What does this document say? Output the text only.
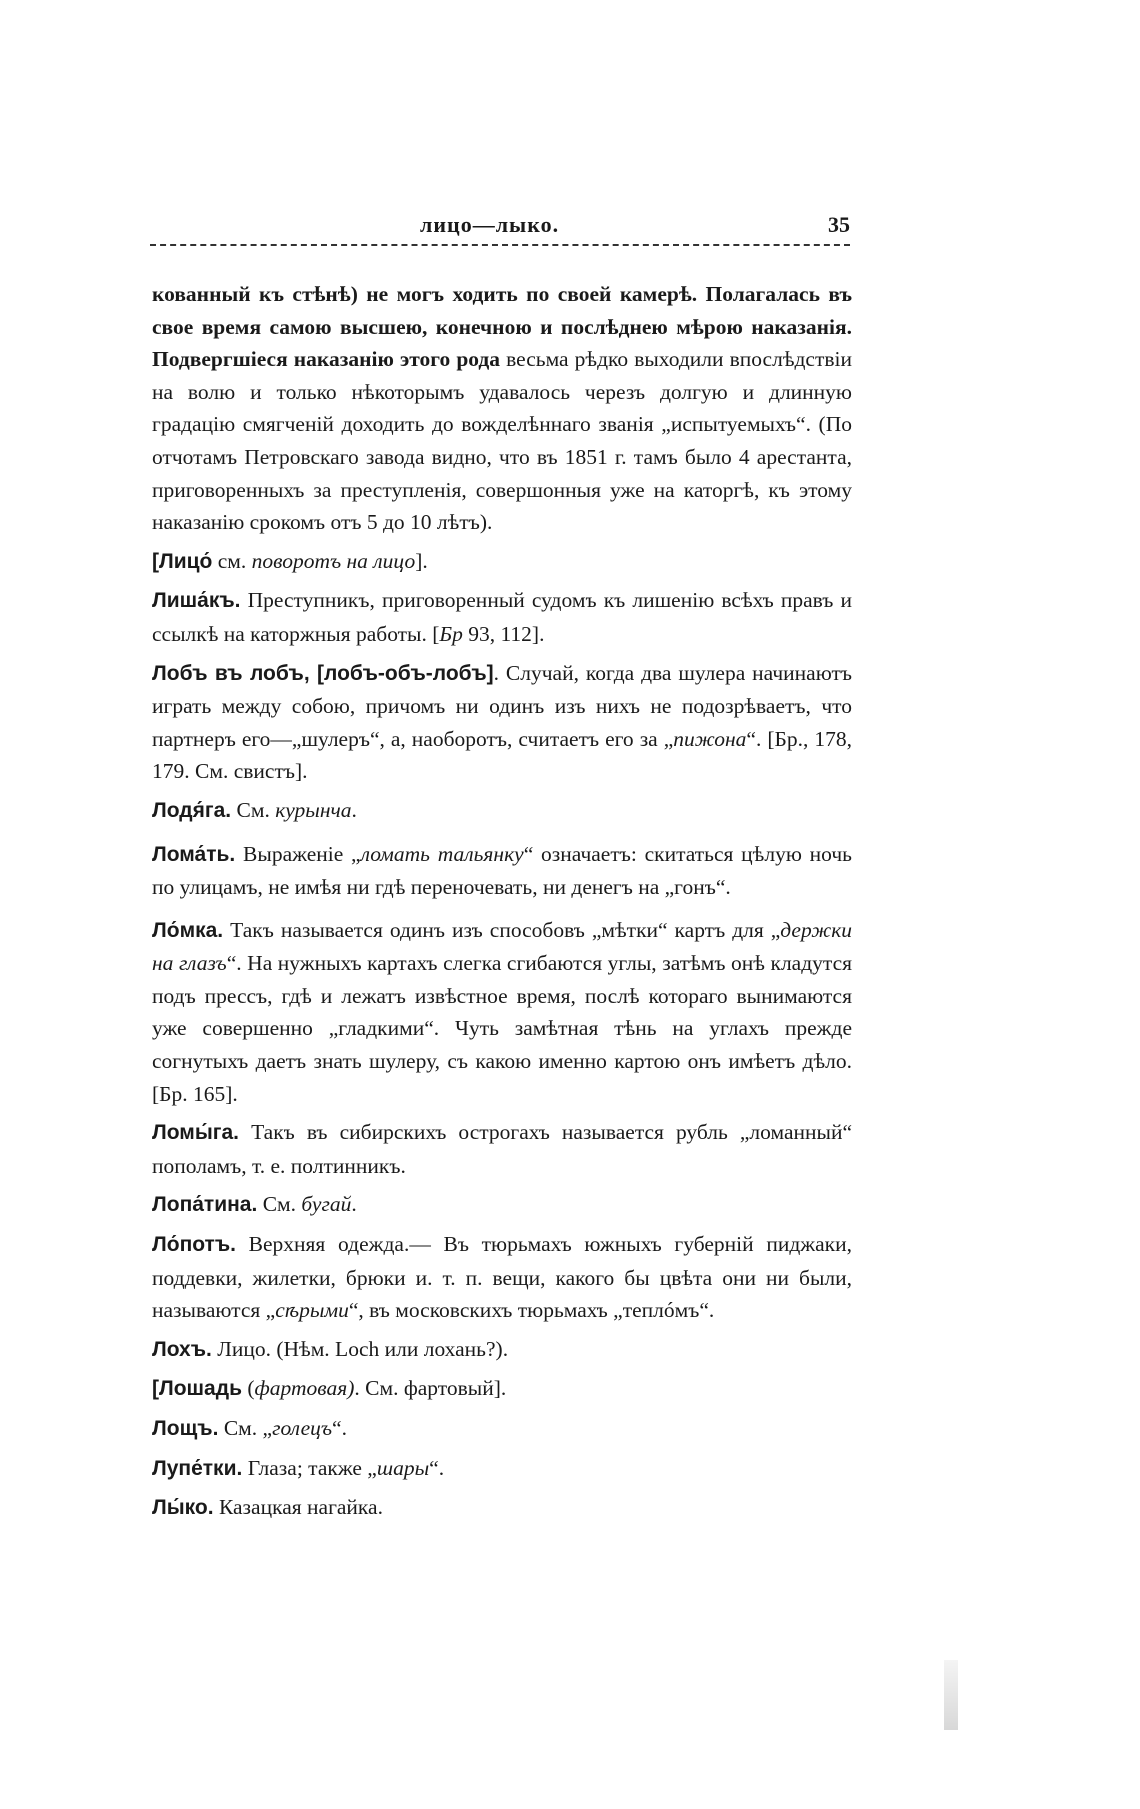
лицо—лыко.	35

кованный къ стѣнѣ) не могъ ходить по своей камерѣ. Полагалась въ свое время самою высшею, конечною и послѣднею мѣрою наказанія. Подвергшіеся наказанію этого рода весьма рѣдко выходили впослѣдствіи на волю и только нѣкоторымъ удавалось черезъ долгую и длинную градацію смягченій доходить до вожделѣннаго званія „испытуемыхъ“. (По отчотамъ Петровскаго завода видно, что въ 1851 г. тамъ было 4 арестанта, приговоренныхъ за преступленія, совершонныя уже на каторгѣ, къ этому наказанію срокомъ отъ 5 до 10 лѣтъ).

[Лицо́ см. поворотъ на лицо].

Лиша́къ. Преступникъ, приговоренный судомъ къ лишенію всѣхъ правъ и ссылкѣ на каторжныя работы. [Бр 93, 112].

Лобъ въ лобъ, [лобъ-объ-лобъ]. Случай, когда два шулера начинаютъ играть между собою, причомъ ни одинъ изъ нихъ не подозрѣваетъ, что партнеръ его—„шулеръ“, а, наоборотъ, считаетъ его за „пижона“. [Бр., 178, 179. См. свистъ].

Лодя́га. См. курынча.

Лома́ть. Выраженіе „ломать тальянку“ означаетъ: скитаться цѣлую ночь по улицамъ, не имѣя ни гдѣ переночевать, ни денегъ на „гонъ“.

Ло́мка. Такъ называется одинъ изъ способовъ „мѣтки“ картъ для „держки на глазъ“. На нужныхъ картахъ слегка сгибаются углы, затѣмъ онѣ кладутся подъ прессъ, гдѣ и лежатъ извѣстное время, послѣ котораго вынимаются уже совершенно „гладкими“. Чуть замѣтная тѣнь на углахъ прежде согнутыхъ даетъ знать шулеру, съ какою именно картою онъ имѣетъ дѣло. [Бр. 165].

Ломы́га. Такъ въ сибирскихъ острогахъ называется рубль „ломанный“ пополамъ, т. е. полтинникъ.

Лопа́тина. См. бугай.

Ло́потъ. Верхняя одежда.— Въ тюрьмахъ южныхъ губерній пиджаки, поддевки, жилетки, брюки и. т. п. вещи, какого бы цвѣта они ни были, называются „сѣрыми“, въ московскихъ тюрьмахъ „теплóмъ“.

Лохъ. Лицо. (Нѣм. Loch или лохань?).

[Лошадь (фартовая). См. фартовый].

Лощъ. См. „голецъ“.

Лупе́тки. Глаза; также „шары“.

Лы́ко. Казацкая нагайка.
